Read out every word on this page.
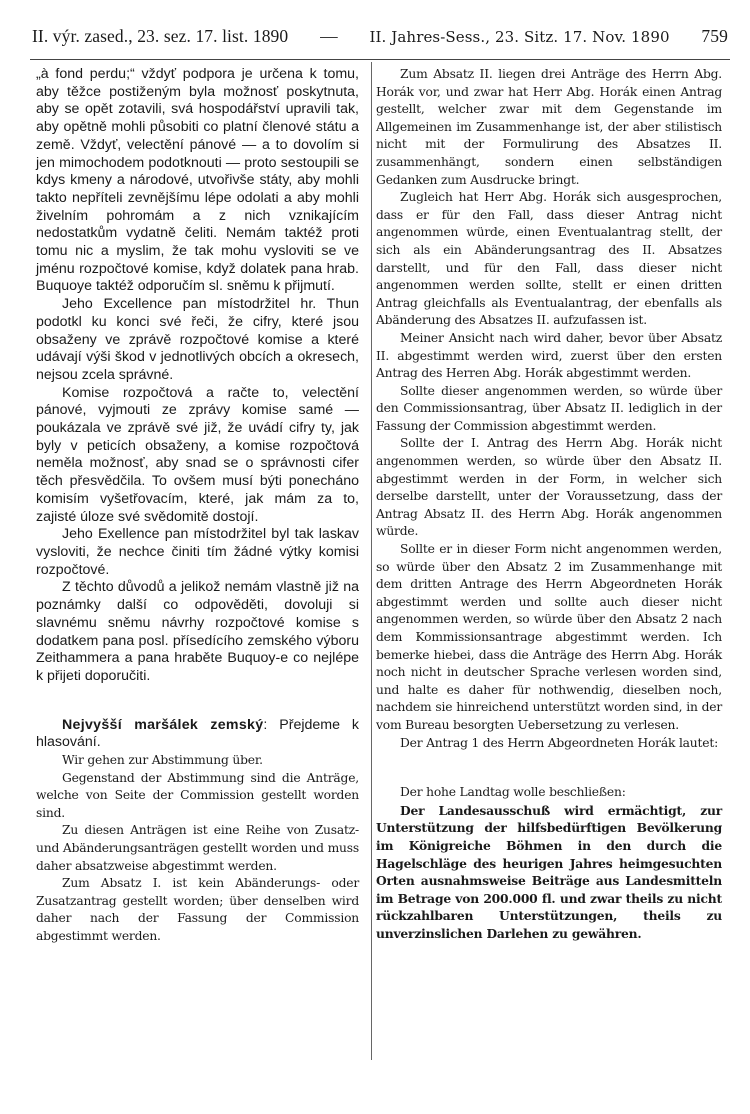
II. výr. zased., 23. sez. 17. list. 1890 — II. Jahres-Sess., 23. Sitz. 17. Nov. 1890 759

„à fond perdu;“ vždyť podpora je určena k tomu, aby těžce postiženým byla možnosť poskytnuta, aby se opět zotavili, svá hospodářství upravili tak, aby opětně mohli působiti co platní členové státu a země. Vždyť, velectění pánové — a to dovolím si jen mimochodem podotknouti — proto sestoupili se kdys kmeny a národové, utvořivše státy, aby mohli takto nepříteli zevnějšímu lépe odolati a aby mohli živelním pohromám a z nich vznikajícím nedostatkům vydatně čeliti. Nemám taktéž proti tomu nic a myslim, že tak mohu vysloviti se ve jménu rozpočtové komise, když dolatek pana hrab. Buquoye taktéž odporučím sl. sněmu k přijmutí.

Jeho Excellence pan místodržitel hr. Thun podotkl ku konci své řeči, že cifry, které jsou obsaženy ve zprávě rozpočtové komise a které udávají výši škod v jednotlivých obcích a okresech, nejsou zcela správné.

Komise rozpočtová a račte to, velectění pánové, vyjmouti ze zprávy komise samé — poukázala ve zprávě své již, že uvádí cifry ty, jak byly v peticích obsaženy, a komise rozpočtová neměla možnosť, aby snad se o správnosti cifer těch přesvědčila. To ovšem musí býti ponecháno komisím vyšetřovacím, které, jak mám za to, zajisté úloze své svědomitě dostojí.

Jeho Exellence pan místodržitel byl tak laskav vysloviti, že nechce činiti tím žádné výtky komisi rozpočtové.

Z těchto důvodů a jelikož nemám vlastně již na poznámky další co odpověděti, dovoluji si slavnému sněmu návrhy rozpočtové komise s dodatkem pana posl. přísedícího zemského výboru Zeithammera a pana hraběte Buquoy-e co nejlépe k přijeti doporučiti.

Nejvyšší maršálek zemský: Přejdeme k hlasování.

Wir gehen zur Abstimmung über.

Gegenstand der Abstimmung sind die Anträge, welche von Seite der Commission gestellt worden sind.

Zu diesen Anträgen ist eine Reihe von Zusatz- und Abänderungsanträgen gestellt worden und muss daher absatzweise abgestimmt werden.

Zum Absatz I. ist kein Abänderungs- oder Zusatzantrag gestellt worden; über denselben wird daher nach der Fassung der Commission abgestimmt werden.

Zum Absatz II. liegen drei Anträge des Herrn Abg. Horák vor, und zwar hat Herr Abg. Horák einen Antrag gestellt, welcher zwar mit dem Gegenstande im Allgemeinen im Zusammenhange ist, der aber stilistisch nicht mit der Formulirung des Absatzes II. zusammenhängt, sondern einen selbständigen Gedanken zum Ausdrucke bringt.

Zugleich hat Herr Abg. Horák sich ausgesprochen, dass er für den Fall, dass dieser Antrag nicht angenommen würde, einen Eventualantrag stellt, der sich als ein Abänderungsantrag des II. Absatzes darstellt, und für den Fall, dass dieser nicht angenommen werden sollte, stellt er einen dritten Antrag gleichfalls als Eventualantrag, der ebenfalls als Abänderung des Absatzes II. aufzufassen ist.

Meiner Ansicht nach wird daher, bevor über Absatz II. abgestimmt werden wird, zuerst über den ersten Antrag des Herren Abg. Horák abgestimmt werden.

Sollte dieser angenommen werden, so würde über den Commissionsantrag, über Absatz II. lediglich in der Fassung der Commission abgestimmt werden.

Sollte der I. Antrag des Herrn Abg. Horák nicht angenommen werden, so würde über den Absatz II. abgestimmt werden in der Form, in welcher sich derselbe darstellt, unter der Voraussetzung, dass der Antrag Absatz II. des Herrn Abg. Horák angenommen würde.

Sollte er in dieser Form nicht angenommen werden, so würde über den Absatz 2 im Zusammenhange mit dem dritten Antrage des Herrn Abgeordneten Horák abgestimmt werden und sollte auch dieser nicht angenommen werden, so würde über den Absatz 2 nach dem Kommissionsantrage abgestimmt werden. Ich bemerke hiebei, dass die Anträge des Herrn Abg. Horák noch nicht in deutscher Sprache verlesen worden sind, und halte es daher für nothwendig, dieselben noch, nachdem sie hinreichend unterstützt worden sind, in der vom Bureau besorgten Uebersetzung zu verlesen.

Der Antrag 1 des Herrn Abgeordneten Horák lautet:

Der hohe Landtag wolle beschließen:

Der Landesausschuß wird ermächtigt, zur Unterstützung der hilfsbedürftigen Bevölkerung im Königreiche Böhmen in den durch die Hagelschläge des heurigen Jahres heimgesuchten Orten ausnahmsweise Beiträge aus Landesmitteln im Betrage von 200.000 fl. und zwar theils zu nicht rückzahlbaren Unterstützungen, theils zu unverzinslichen Darlehen zu gewähren.
